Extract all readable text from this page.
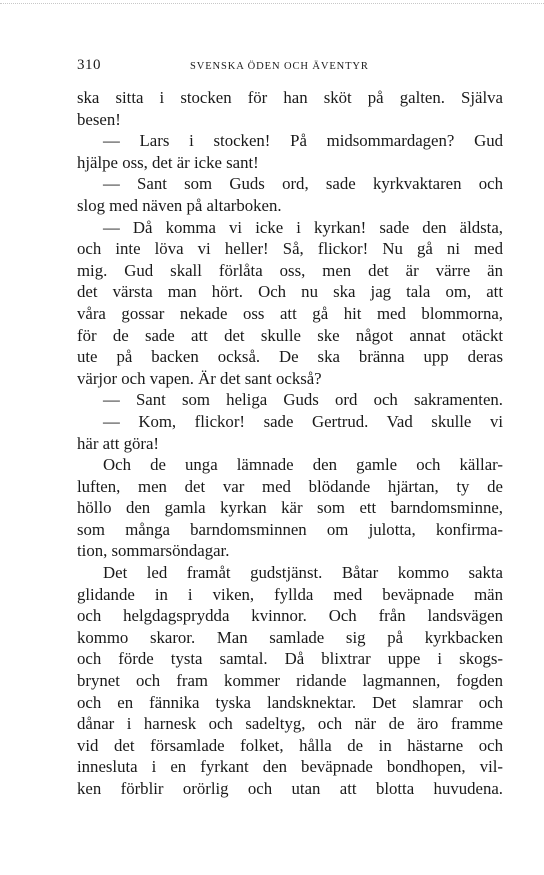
310	SVENSKA ÖDEN OCH ÄVENTYR
ska sitta i stocken för han sköt på galten. Själva
besen!
— Lars i stocken! På midsommardagen? Gud
hjälpe oss, det är icke sant!
— Sant som Guds ord, sade kyrkvaktaren och
slog med näven på altarboken.
— Då komma vi icke i kyrkan! sade den äldsta,
och inte löva vi heller! Så, flickor! Nu gå ni med
mig. Gud skall förlåta oss, men det är värre än
det värsta man hört. Och nu ska jag tala om, att
våra gossar nekade oss att gå hit med blommorna,
för de sade att det skulle ske något annat otäckt
ute på backen också. De ska bränna upp deras
värjor och vapen. Är det sant också?
— Sant som heliga Guds ord och sakramenten.
— Kom, flickor! sade Gertrud. Vad skulle vi
här att göra!
Och de unga lämnade den gamle och källar-
luften, men det var med blödande hjärtan, ty de
höllo den gamla kyrkan kär som ett barndomsminne,
som många barndomsminnen om julotta, konfirma-
tion, sommarsöndagar.
Det led framåt gudstjänst. Båtar kommo sakta
glidande in i viken, fyllda med beväpnade män
och helgdagsprydda kvinnor. Och från landsvägen
kommo skaror. Man samlade sig på kyrkbacken
och förde tysta samtal. Då blixtrar uppe i skogs-
brynet och fram kommer ridande lagmannen, fogden
och en fännika tyska landsknektar. Det slamrar och
dånar i harnesk och sadeltyg, och när de äro framme
vid det församlade folket, hålla de in hästarne och
innesluta i en fyrkant den beväpnade bondhopen, vil-
ken förblir orörlig och utan att blotta huvudena.
